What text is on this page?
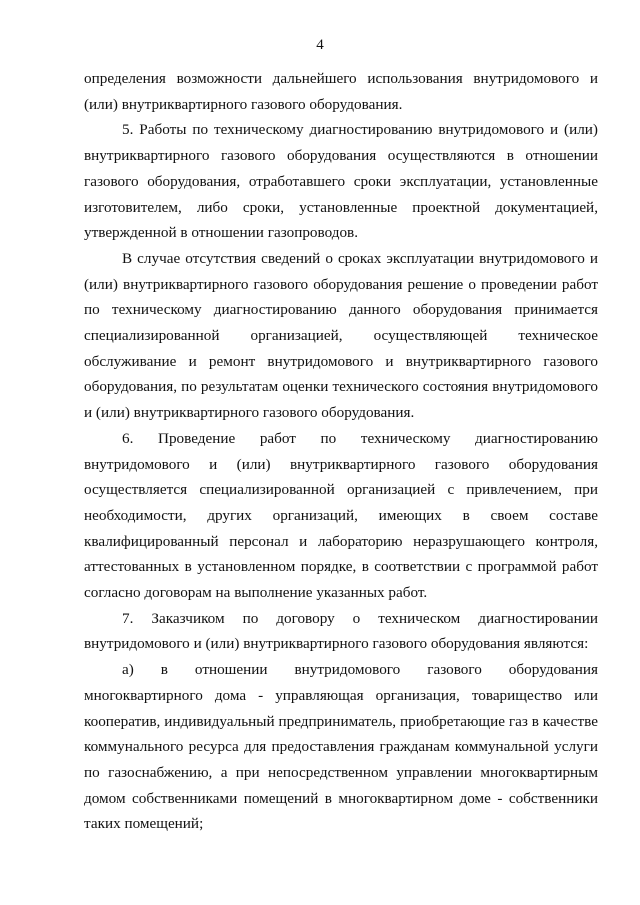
4

определения возможности дальнейшего использования внутридомового и (или) внутриквартирного газового оборудования.

5. Работы по техническому диагностированию внутридомового и (или) внутриквартирного газового оборудования осуществляются в отношении газового оборудования, отработавшего сроки эксплуатации, установленные изготовителем, либо сроки, установленные проектной документацией, утвержденной в отношении газопроводов.

В случае отсутствия сведений о сроках эксплуатации внутридомового и (или) внутриквартирного газового оборудования решение о проведении работ по техническому диагностированию данного оборудования принимается специализированной организацией, осуществляющей техническое обслуживание и ремонт внутридомового и внутриквартирного газового оборудования, по результатам оценки технического состояния внутридомового и (или) внутриквартирного газового оборудования.

6. Проведение работ по техническому диагностированию внутридомового и (или) внутриквартирного газового оборудования осуществляется специализированной организацией с привлечением, при необходимости, других организаций, имеющих в своем составе квалифицированный персонал и лабораторию неразрушающего контроля, аттестованных в установленном порядке, в соответствии с программой работ согласно договорам на выполнение указанных работ.

7. Заказчиком по договору о техническом диагностировании внутридомового и (или) внутриквартирного газового оборудования являются:

а) в отношении внутридомового газового оборудования многоквартирного дома - управляющая организация, товарищество или кооператив, индивидуальный предприниматель, приобретающие газ в качестве коммунального ресурса для предоставления гражданам коммунальной услуги по газоснабжению, а при непосредственном управлении многоквартирным домом собственниками помещений в многоквартирном доме - собственники таких помещений;
